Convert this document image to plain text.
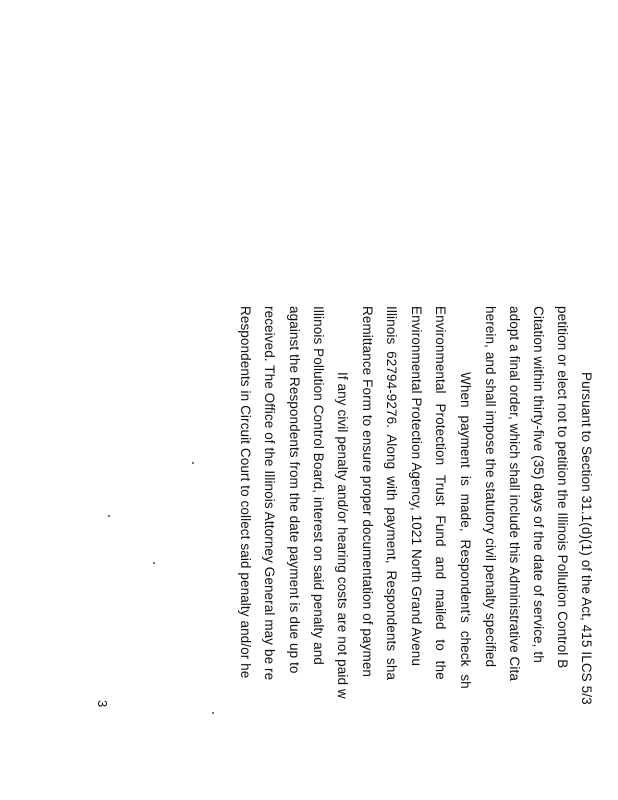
Pursuant to Section 31.1(d)(1) of the Act, 415 ILCS 5/3
petition or elect not to petition the Illinois Pollution Control B
Citation within thirty-five (35) days of the date of service, th
adopt a final order, which shall include this Administrative Cita
herein, and shall impose the statutory civil penalty specified
When payment is made, Respondent's check sh
Environmental Protection Trust Fund and mailed to the
Environmental Protection Agency, 1021 North Grand Avenu
Illinois 62794-9276. Along with payment, Respondents sha
Remittance Form to ensure proper documentation of paymen
If any civil penalty and/or hearing costs are not paid w
Illinois Pollution Control Board, interest on said penalty and
against the Respondents from the date payment is due up to
received. The Office of the Illinois Attorney General may be re
Respondents in Circuit Court to collect said penalty and/or he
3
